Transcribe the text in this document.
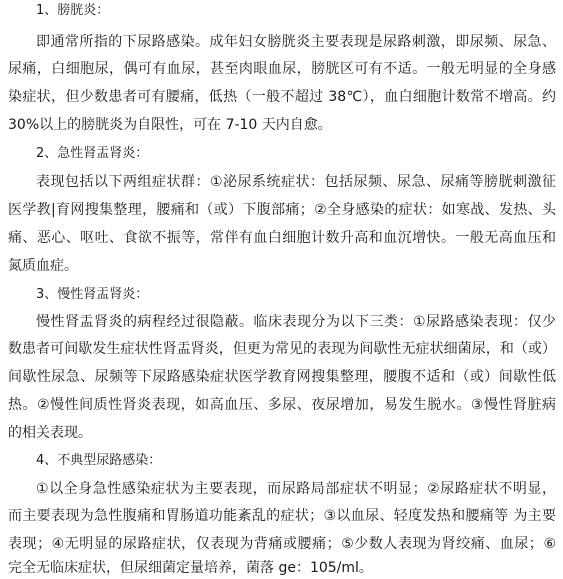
1、膀胱炎：
即通常所指的下尿路感染。成年妇女膀胱炎主要表现是尿路刺激，即尿频、尿急、
尿痛，白细胞尿，偶可有血尿，甚至肉眼血尿，膀胱区可有不适。一般无明显的全身感
染症状，但少数患者可有腰痛，低热（一般不超过 38℃），血白细胞计数常不增高。约
30%以上的膀胱炎为自限性，可在 7-10 天内自愈。
2、急性肾盂肾炎：
表现包括以下两组症状群：①泌尿系统症状：包括尿频、尿急、尿痛等膀胱刺激征
医学教|育网搜集整理，腰痛和（或）下腹部痛；②全身感染的症状：如寒战、发热、头
痛、恶心、呕吐、食欲不振等，常伴有血白细胞计数升高和血沉增快。一般无高血压和
氮质血症。
3、慢性肾盂肾炎：
慢性肾盂肾炎的病程经过很隐蔽。临床表现分为以下三类：①尿路感染表现：仅少
数患者可间歇发生症状性肾盂肾炎，但更为常见的表现为间歇性无症状细菌尿，和（或）
间歇性尿急、尿频等下尿路感染症状医学教育网搜集整理，腰腹不适和（或）间歇性低
热。②慢性间质性肾炎表现，如高血压、多尿、夜尿增加，易发生脱水。③慢性肾脏病
的相关表现。
4、不典型尿路感染：
①以全身急性感染症状为主要表现，而尿路局部症状不明显；②尿路症状不明显，
而主要表现为急性腹痛和胃肠道功能紊乱的症状；③以血尿、轻度发热和腰痛等 为主要
表现；④无明显的尿路症状，仅表现为背痛或腰痛；⑤少数人表现为肾绞痛、血尿；⑥
完全无临床症状，但尿细菌定量培养，菌落 ge：105/ml。
